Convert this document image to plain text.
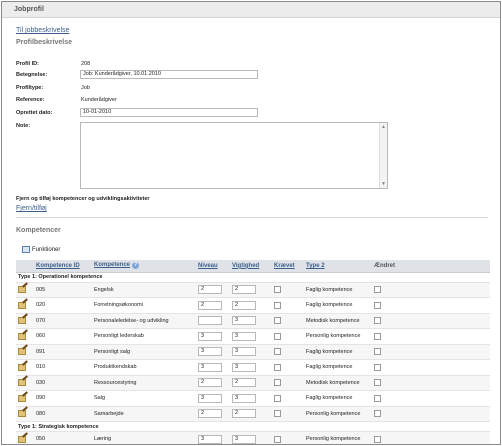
Jobprofil
Til jobbeskrivelse
Profilbeskrivelse
Profil ID:	208
Betegnelse:	Job: Kunderådgiver, 10.01.2010
Profiltype:	Job
Reference:	Kunderådgiver
Oprettet dato:	10-01-2010
Note:	▲
▼
Fjern og tilføj kompetencer og udviklingsaktiviteter
Fjern/tilføj
Kompetencer
Funktioner
	Kompetence ID	Kompetence ?	Niveau	Vigtighed	Krævet	Type 2	Ændret
Type 1: Operationel kompetence							

	005	Engelsk	2	2		Faglig kompetence	

	020	Forretningsøkonomi	2	2		Faglig kompetence	

	070	Personaleledelse- og udvikling		3		Metodisk kompetence	

	060	Personligt lederskab	3	3		Personlig kompetence	

	091	Personligt salg	3	3		Faglig kompetence	

	010	Produktkendskab	3	3		Faglig kompetence	

	030	Ressourcestyring	2	2		Metodisk kompetence	

	090	Salg	3	3		Faglig kompetence	

	080	Samarbejde	2	2		Personlig kompetence	
Type 1: Strategisk kompetence							

	050	Læring	3	3		Personlig kompetence	
